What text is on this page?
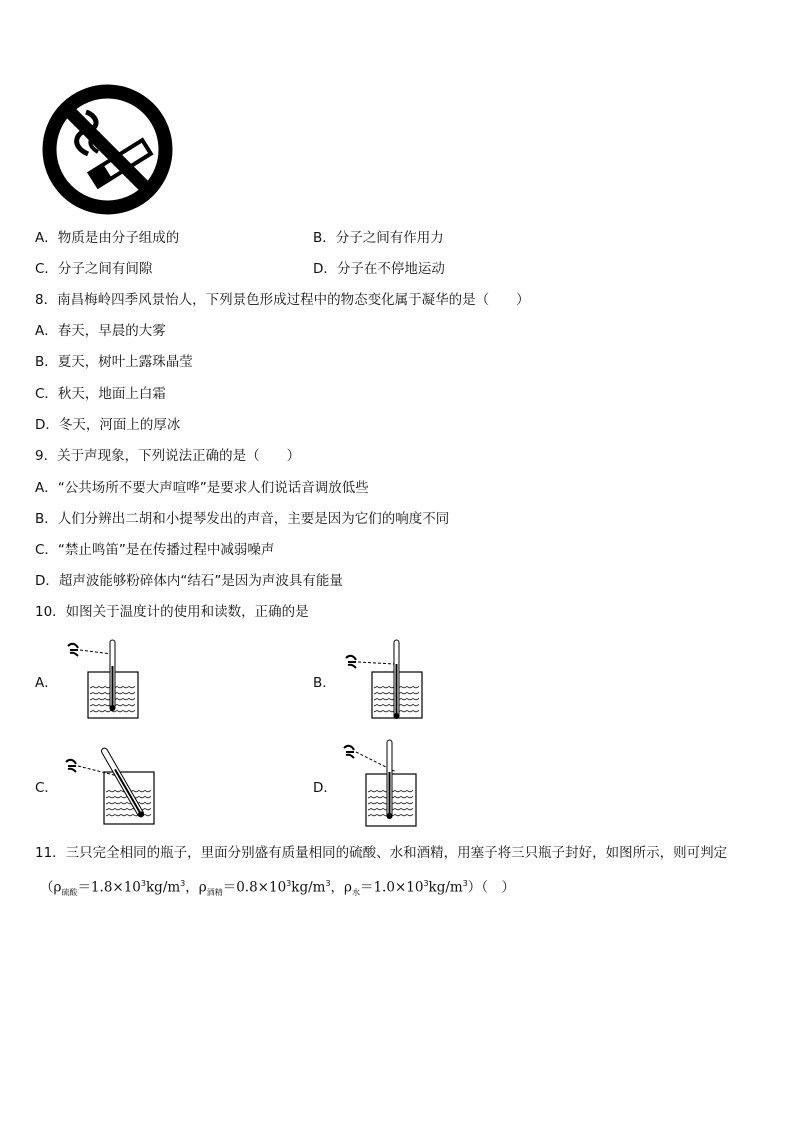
A．物质是由分子组成的	B．分子之间有作用力
C．分子之间有间隙	D．分子在不停地运动
8．南昌梅岭四季风景怡人，下列景色形成过程中的物态变化属于凝华的是（　　）
A．春天，早晨的大雾
B．夏天，树叶上露珠晶莹
C．秋天，地面上白霜
D．冬天，河面上的厚冰
9．关于声现象，下列说法正确的是（　　）
A．“公共场所不要大声喧哗”是要求人们说话音调放低些
B．人们分辨出二胡和小提琴发出的声音，主要是因为它们的响度不同
C．“禁止鸣笛”是在传播过程中减弱噪声
D．超声波能够粉碎体内“结石”是因为声波具有能量
10．如图关于温度计的使用和读数，正确的是
A．	B．
C．	D．
11．三只完全相同的瓶子，里面分别盛有质量相同的硫酸、水和酒精，用塞子将三只瓶子封好，如图所示，则可判定
（$\rho_{硫酸}=1.8\times 10^3kg/m^3$，$\rho_{酒精}=0.8\times 10^3kg/m^3$，$\rho_水=1.0\times 10^3kg/m^3$）（　）
